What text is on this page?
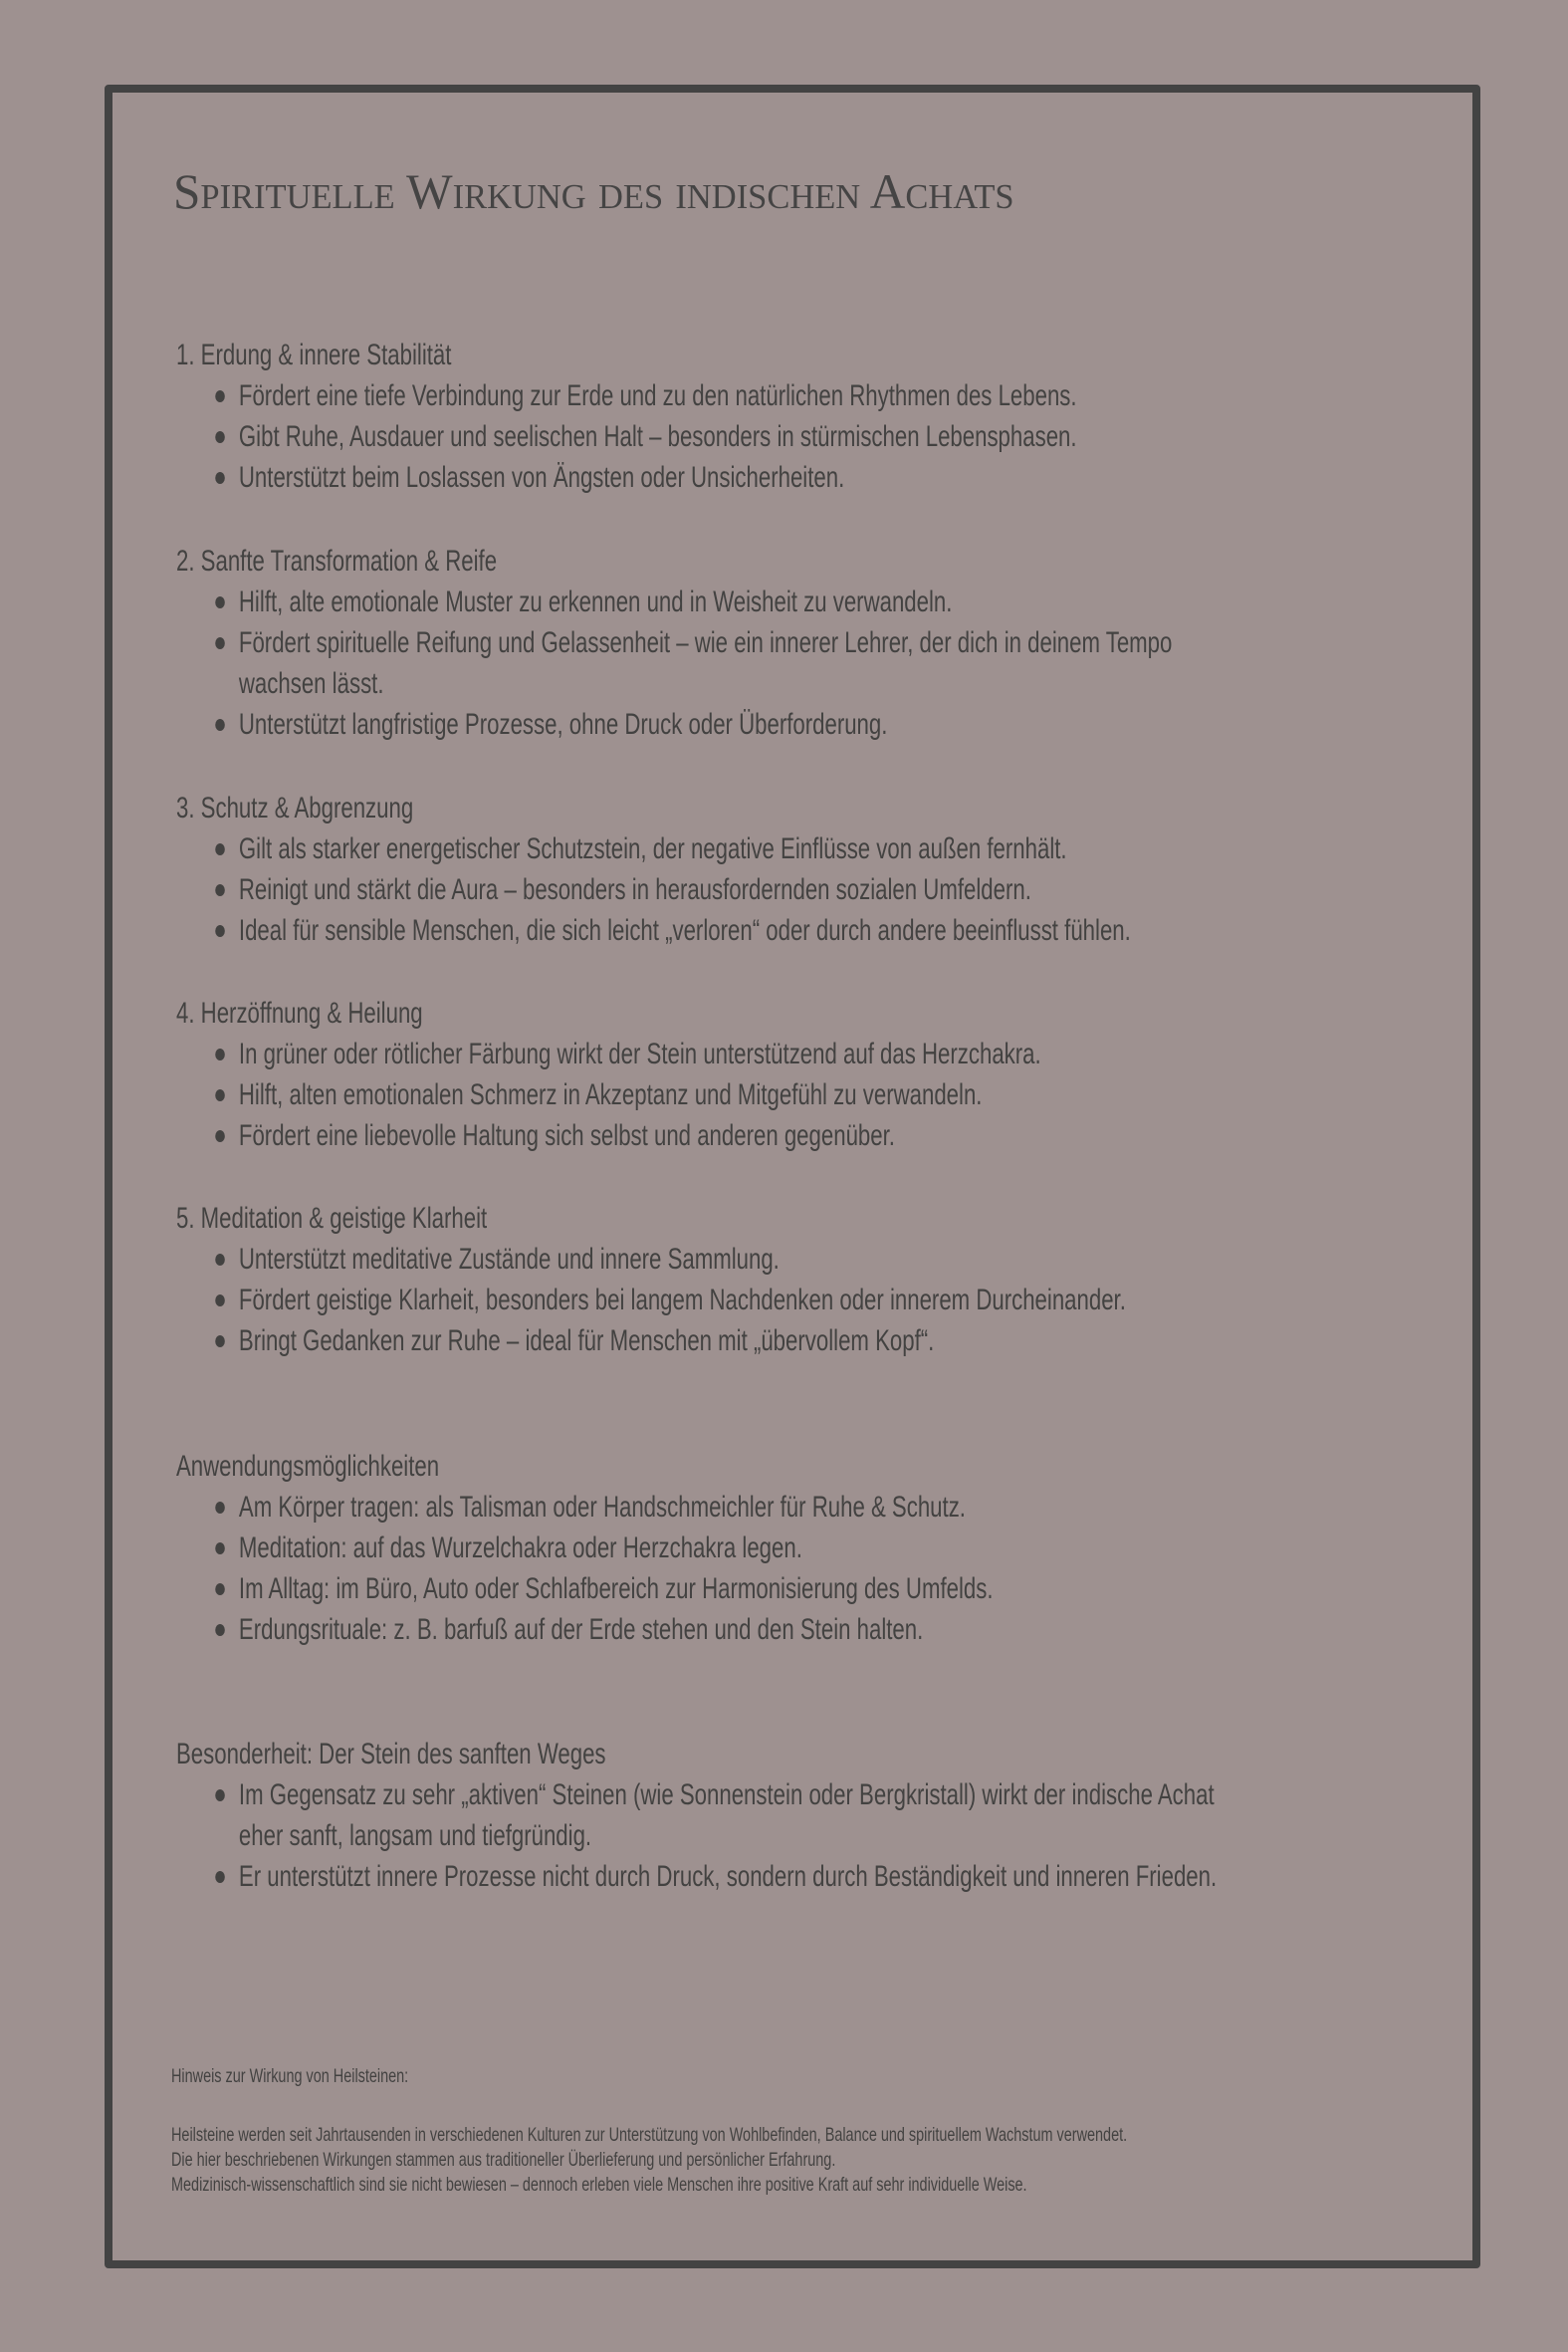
Spirituelle Wirkung des indischen Achats
1. Erdung & innere Stabilität
Fördert eine tiefe Verbindung zur Erde und zu den natürlichen Rhythmen des Lebens.
Gibt Ruhe, Ausdauer und seelischen Halt – besonders in stürmischen Lebensphasen.
Unterstützt beim Loslassen von Ängsten oder Unsicherheiten.
2. Sanfte Transformation & Reife
Hilft, alte emotionale Muster zu erkennen und in Weisheit zu verwandeln.
Fördert spirituelle Reifung und Gelassenheit – wie ein innerer Lehrer, der dich in deinem Tempo
wachsen lässt.
Unterstützt langfristige Prozesse, ohne Druck oder Überforderung.
3. Schutz & Abgrenzung
Gilt als starker energetischer Schutzstein, der negative Einflüsse von außen fernhält.
Reinigt und stärkt die Aura – besonders in herausfordernden sozialen Umfeldern.
Ideal für sensible Menschen, die sich leicht „verloren“ oder durch andere beeinflusst fühlen.
4. Herzöffnung & Heilung
In grüner oder rötlicher Färbung wirkt der Stein unterstützend auf das Herzchakra.
Hilft, alten emotionalen Schmerz in Akzeptanz und Mitgefühl zu verwandeln.
Fördert eine liebevolle Haltung sich selbst und anderen gegenüber.
5. Meditation & geistige Klarheit
Unterstützt meditative Zustände und innere Sammlung.
Fördert geistige Klarheit, besonders bei langem Nachdenken oder innerem Durcheinander.
Bringt Gedanken zur Ruhe – ideal für Menschen mit „übervollem Kopf“.
Anwendungsmöglichkeiten
Am Körper tragen: als Talisman oder Handschmeichler für Ruhe & Schutz.
Meditation: auf das Wurzelchakra oder Herzchakra legen.
Im Alltag: im Büro, Auto oder Schlafbereich zur Harmonisierung des Umfelds.
Erdungsrituale: z. B. barfuß auf der Erde stehen und den Stein halten.
Besonderheit: Der Stein des sanften Weges
Im Gegensatz zu sehr „aktiven“ Steinen (wie Sonnenstein oder Bergkristall) wirkt der indische Achat
eher sanft, langsam und tiefgründig.
Er unterstützt innere Prozesse nicht durch Druck, sondern durch Beständigkeit und inneren Frieden.
Hinweis zur Wirkung von Heilsteinen:
Heilsteine werden seit Jahrtausenden in verschiedenen Kulturen zur Unterstützung von Wohlbefinden, Balance und spirituellem Wachstum verwendet.
Die hier beschriebenen Wirkungen stammen aus traditioneller Überlieferung und persönlicher Erfahrung.
Medizinisch-wissenschaftlich sind sie nicht bewiesen – dennoch erleben viele Menschen ihre positive Kraft auf sehr individuelle Weise.
